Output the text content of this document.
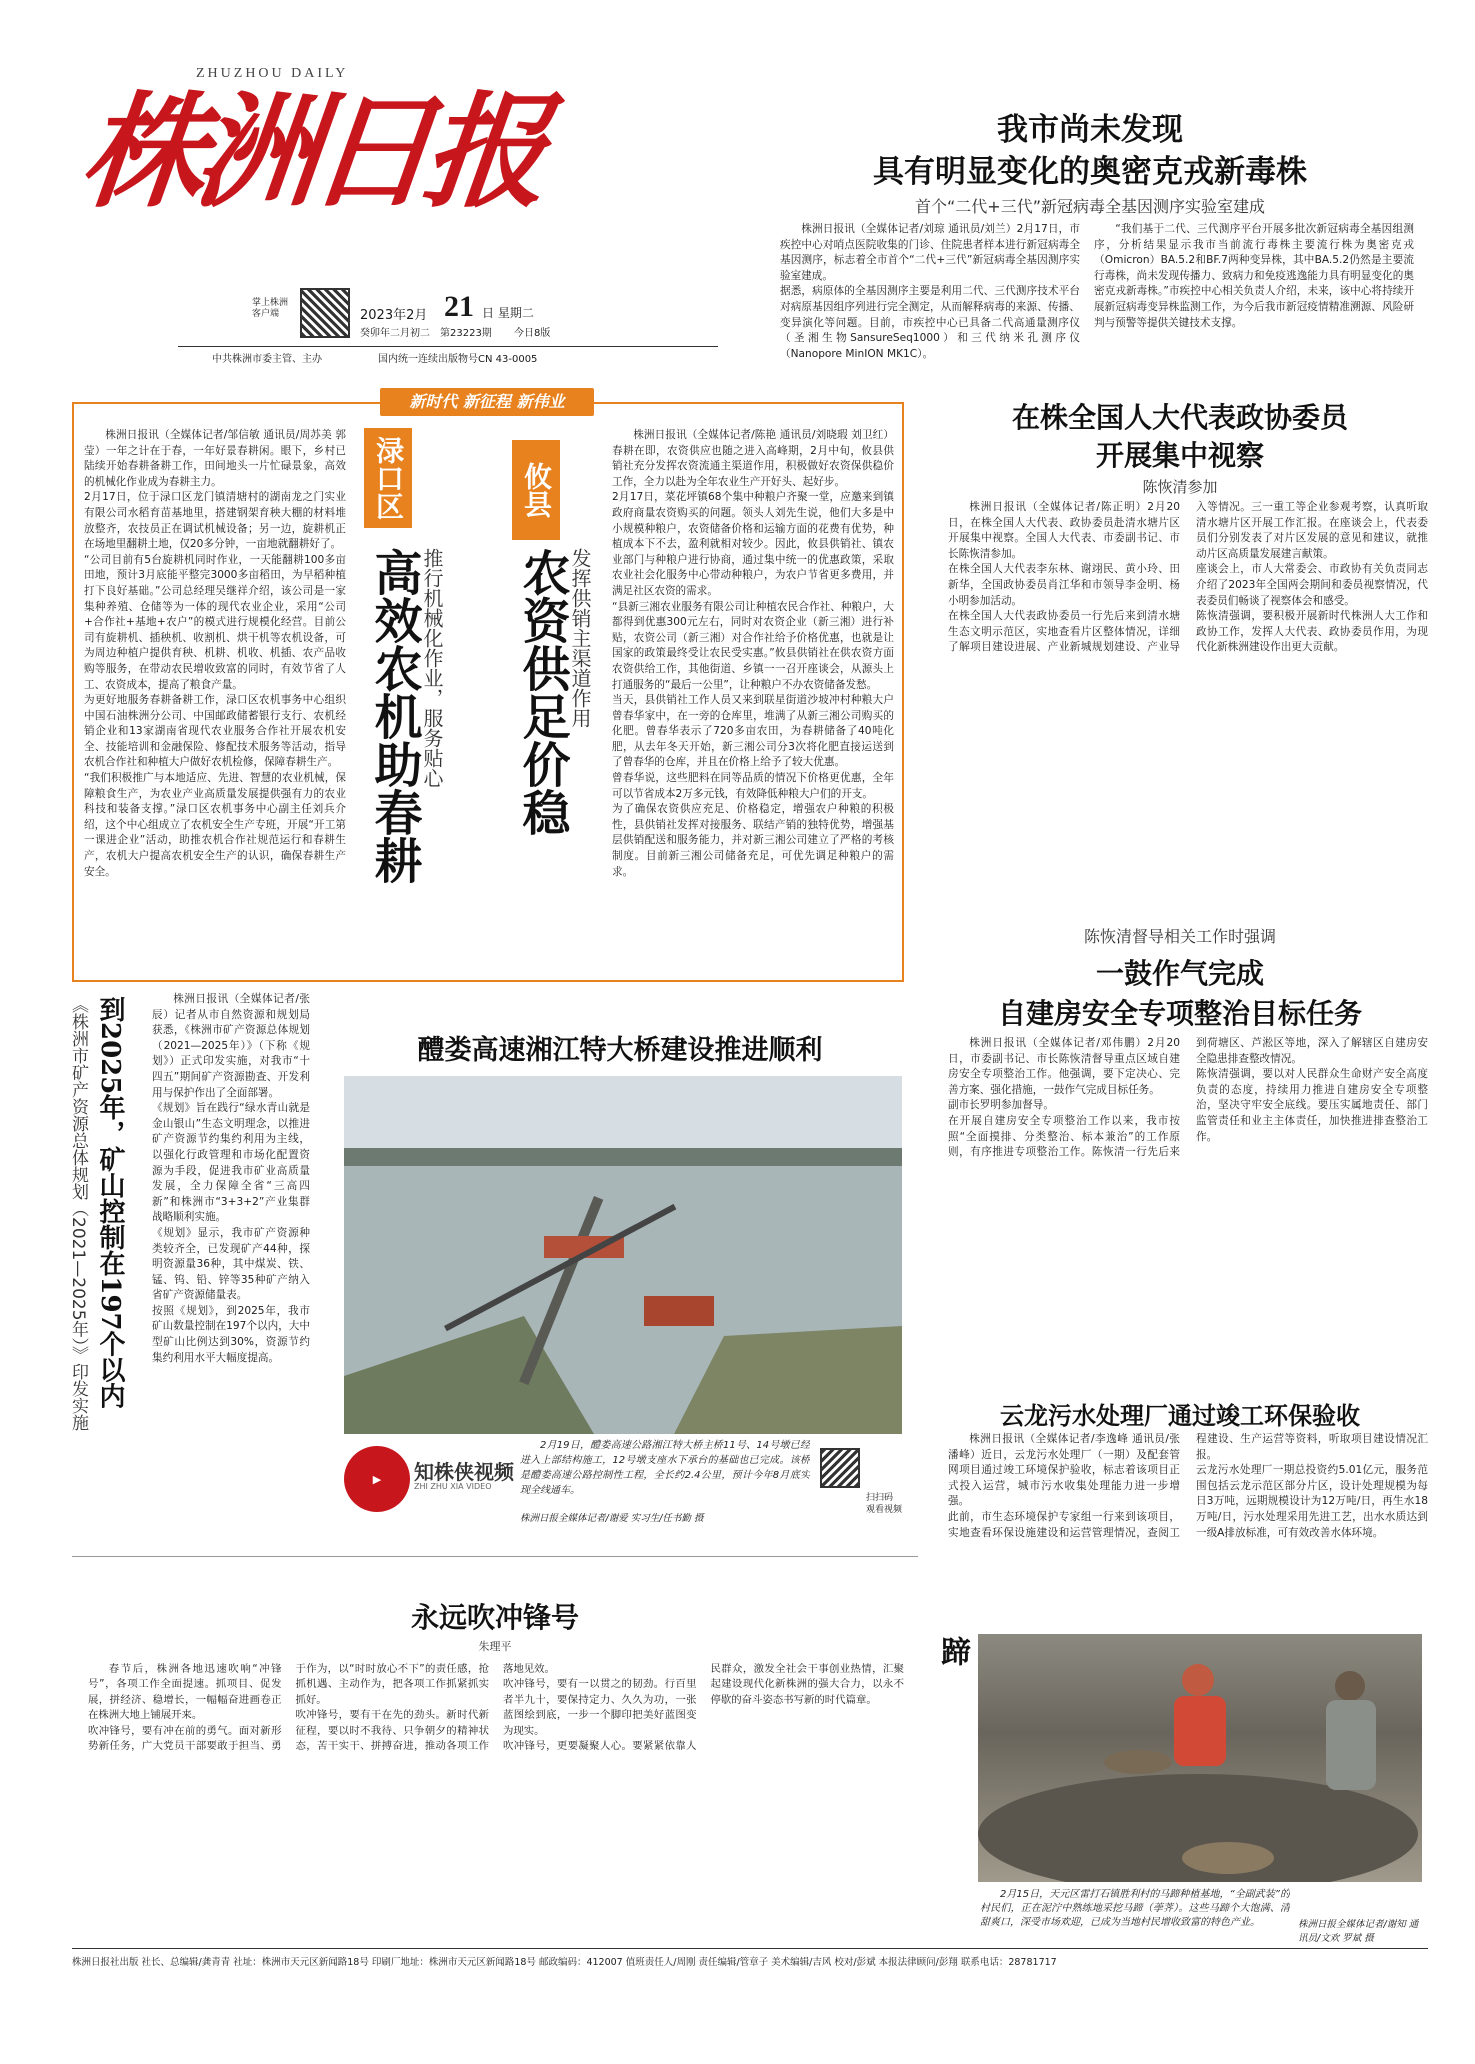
ZHUZHOU DAILY
株洲日报
掌上株洲
客户端	2023年2月 21 日 星期二
癸卯年二月初二 第23223期 今日8版
中共株洲市委主管、主办	国内统一连续出版物号CN 43-0005
我市尚未发现
具有明显变化的奥密克戎新毒株
首个“二代+三代”新冠病毒全基因测序实验室建成
株洲日报讯（全媒体记者/刘琼 通讯员/刘兰）2月17日，市疾控中心对哨点医院收集的门诊、住院患者样本进行新冠病毒全基因测序，标志着全市首个“二代+三代”新冠病毒全基因测序实验室建成。
据悉，病原体的全基因测序主要是利用二代、三代测序技术平台对病原基因组序列进行完全测定，从而解释病毒的来源、传播、变异演化等问题。目前，市疾控中心已具备二代高通量测序仪（圣湘生物SansureSeq1000）和三代纳米孔测序仪（Nanopore MinION MK1C）。
“我们基于二代、三代测序平台开展多批次新冠病毒全基因组测序，分析结果显示我市当前流行毒株主要流行株为奥密克戎（Omicron）BA.5.2和BF.7两种变异株，其中BA.5.2仍然是主要流行毒株，尚未发现传播力、致病力和免疫逃逸能力具有明显变化的奥密克戎新毒株。”市疾控中心相关负责人介绍，未来，该中心将持续开展新冠病毒变异株监测工作，为今后我市新冠疫情精准溯源、风险研判与预警等提供关键技术支撑。
新时代 新征程 新伟业
株洲日报讯（全媒体记者/邹信敏 通讯员/周苏美 郭莹）一年之计在于春，一年好景春耕闲。眼下，乡村已陆续开始春耕备耕工作，田间地头一片忙碌景象，高效的机械化作业成为春耕主力。
2月17日，位于渌口区龙门镇清塘村的湖南龙之门实业有限公司水稻育苗基地里，搭建钢架育秧大棚的材料堆放整齐，农技员正在调试机械设备；另一边，旋耕机正在场地里翻耕土地，仅20多分钟，一亩地就翻耕好了。
“公司目前有5台旋耕机同时作业，一天能翻耕100多亩田地，预计3月底能平整完3000多亩稻田，为早稻种植打下良好基础。”公司总经理吴继祥介绍，该公司是一家集种养殖、仓储等为一体的现代农业企业，采用“公司+合作社+基地+农户”的模式进行规模化经营。目前公司有旋耕机、插秧机、收割机、烘干机等农机设备，可为周边种植户提供育秧、机耕、机收、机插、农产品收购等服务，在带动农民增收致富的同时，有效节省了人工、农资成本，提高了粮食产量。
为更好地服务春耕备耕工作，渌口区农机事务中心组织中国石油株洲分公司、中国邮政储蓄银行支行、农机经销企业和13家湖南省现代农业服务合作社开展农机安全、技能培训和金融保险、修配技术服务等活动，指导农机合作社和种植大户做好农机检修，保障春耕生产。
“我们积极推广与本地适应、先进、智慧的农业机械，保障粮食生产，为农业产业高质量发展提供强有力的农业科技和装备支撑。”渌口区农机事务中心副主任刘兵介绍，这个中心组成立了农机安全生产专班，开展“开工第一课进企业”活动，助推农机合作社规范运行和春耕生产，农机大户提高农机安全生产的认识，确保春耕生产安全。
渌口区
推行机械化作业，服务贴心
高效农机助春耕
攸县
发挥供销主渠道作用
农资供足价稳
株洲日报讯（全媒体记者/陈艳 通讯员/刘晓瑕 刘卫红）春耕在即，农资供应也随之进入高峰期，2月中旬，攸县供销社充分发挥农资流通主渠道作用，积极做好农资保供稳价工作，全力以赴为全年农业生产开好头、起好步。
2月17日，菜花坪镇68个集中种粮户齐聚一堂，应邀来到镇政府商量农资购买的问题。领头人刘先生说，他们大多是中小规模种粮户，农资储备价格和运输方面的花费有优势，种植成本下不去，盈利就相对较少。因此，攸县供销社、镇农业部门与种粮户进行协商，通过集中统一的优惠政策，采取农业社会化服务中心带动种粮户，为农户节省更多费用，并满足社区农资的需求。
“县新三湘农业服务有限公司让种植农民合作社、种粮户，大都得到优惠300元左右，同时对农资企业（新三湘）进行补贴，农资公司（新三湘）对合作社给予价格优惠，也就是让国家的政策最终受让农民受实惠。”攸县供销社在供农资方面农资供给工作，其他街道、乡镇一一召开座谈会，从源头上打通服务的“最后一公里”，让种粮户不办农资储备发愁。
当天，县供销社工作人员又来到联星街道沙坡冲村种粮大户曾春华家中，在一旁的仓库里，堆满了从新三湘公司购买的化肥。曾春华表示了720多亩农田，为春耕储备了40吨化肥，从去年冬天开始，新三湘公司分3次将化肥直接运送到了曾春华的仓库，并且在价格上给予了较大优惠。
曾春华说，这些肥料在同等品质的情况下价格更优惠，全年可以节省成本2万多元钱，有效降低种粮大户们的开支。
为了确保农资供应充足、价格稳定，增强农户种粮的积极性，县供销社发挥对接服务、联结产销的独特优势，增强基层供销配送和服务能力，并对新三湘公司建立了严格的考核制度。目前新三湘公司储备充足，可优先调足种粮户的需求。
在株全国人大代表政协委员
开展集中视察
陈恢清参加
株洲日报讯（全媒体记者/陈正明）2月20日，在株全国人大代表、政协委员赴清水塘片区开展集中视察。全国人大代表、市委副书记、市长陈恢清参加。
在株全国人大代表李东林、谢翊民、黄小玲、田新华，全国政协委员肖江华和市领导李金明、杨小明参加活动。
在株全国人大代表政协委员一行先后来到清水塘生态文明示范区，实地查看片区整体情况，详细了解项目建设进展、产业新城规划建设、产业导入等情况。三一重工等企业参观考察，认真听取清水塘片区开展工作汇报。在座谈会上，代表委员们分别发表了对片区发展的意见和建议，就推动片区高质量发展建言献策。
座谈会上，市人大常委会、市政协有关负责同志介绍了2023年全国两会期间和委员视察情况，代表委员们畅谈了视察体会和感受。
陈恢清强调，要积极开展新时代株洲人大工作和政协工作，发挥人大代表、政协委员作用，为现代化新株洲建设作出更大贡献。
陈恢清督导相关工作时强调
一鼓作气完成
自建房安全专项整治目标任务
株洲日报讯（全媒体记者/邓伟鹏）2月20日，市委副书记、市长陈恢清督导重点区域自建房安全专项整治工作。他强调，要下定决心、完善方案、强化措施，一鼓作气完成目标任务。
副市长罗明参加督导。
在开展自建房安全专项整治工作以来，我市按照“全面摸排、分类整治、标本兼治”的工作原则，有序推进专项整治工作。陈恢清一行先后来到荷塘区、芦淞区等地，深入了解辖区自建房安全隐患排查整改情况。
陈恢清强调，要以对人民群众生命财产安全高度负责的态度，持续用力推进自建房安全专项整治，坚决守牢安全底线。要压实属地责任、部门监管责任和业主主体责任，加快推进排查整治工作。
株洲日报讯（全媒体记者/张辰）记者从市自然资源和规划局获悉，《株洲市矿产资源总体规划（2021—2025年）》（下称《规划》）正式印发实施，对我市“十四五”期间矿产资源勘查、开发利用与保护作出了全面部署。
《规划》旨在践行“绿水青山就是金山银山”生态文明理念，以推进矿产资源节约集约利用为主线，以强化行政管理和市场化配置资源为手段，促进我市矿业高质量发展，全力保障全省“三高四新”和株洲市“3+3+2”产业集群战略顺利实施。
《规划》显示，我市矿产资源种类较齐全，已发现矿产44种，探明资源量36种，其中煤炭、铁、锰、钨、铅、锌等35种矿产纳入省矿产资源储量表。
按照《规划》，到2025年，我市矿山数量控制在197个以内，大中型矿山比例达到30%，资源节约集约利用水平大幅度提高。
到2025年，矿山控制在197个以内
《株洲市矿产资源总体规划（2021—2025年）》印发实施	醴娄高速湘江特大桥建设推进顺利
▶	知株侠视频
ZHI ZHU XIA VIDEO
2月19日，醴娄高速公路湘江特大桥主桥11号、14号墩已经进入上部结构施工，12号墩支座水下承台的基础也已完成。该桥是醴娄高速公路控制性工程，全长约2.4公里，预计今年8月底实现全线通车。
株洲日报全媒体记者/谢爱 实习生/任书勤 摄
扫扫码
观看视频
云龙污水处理厂通过竣工环保验收
株洲日报讯（全媒体记者/李逸峰 通讯员/张潘峰）近日，云龙污水处理厂（一期）及配套管网项目通过竣工环境保护验收，标志着该项目正式投入运营，城市污水收集处理能力进一步增强。
此前，市生态环境保护专家组一行来到该项目，实地查看环保设施建设和运营管理情况，查阅工程建设、生产运营等资料，听取项目建设情况汇报。
云龙污水处理厂一期总投资约5.01亿元，服务范围包括云龙示范区部分片区，设计处理规模为每日3万吨，远期规模设计为12万吨/日，再生水18万吨/日，污水处理采用先进工艺，出水水质达到一级A排放标准，可有效改善水体环境。
永远吹冲锋号
朱理平
春节后，株洲各地迅速吹响“冲锋号”，各项工作全面提速。抓项目、促发展，拼经济、稳增长，一幅幅奋进画卷正在株洲大地上铺展开来。
吹冲锋号，要有冲在前的勇气。面对新形势新任务，广大党员干部要敢于担当、勇于作为，以“时时放心不下”的责任感，抢抓机遇、主动作为，把各项工作抓紧抓实抓好。
吹冲锋号，要有干在先的劲头。新时代新征程，要以时不我待、只争朝夕的精神状态，苦干实干、拼搏奋进，推动各项工作落地见效。
吹冲锋号，要有一以贯之的韧劲。行百里者半九十，要保持定力、久久为功，一张蓝图绘到底，一步一个脚印把美好蓝图变为现实。
吹冲锋号，更要凝聚人心。要紧紧依靠人民群众，激发全社会干事创业热情，汇聚起建设现代化新株洲的强大合力，以永不停歇的奋斗姿态书写新的时代篇章。
蹄
2月15日，天元区雷打石镇胜利村的马蹄种植基地，“全副武装”的村民们，正在泥泞中熟练地采挖马蹄（荸荠）。这些马蹄个大饱满、清甜爽口，深受市场欢迎，已成为当地村民增收致富的特色产业。	株洲日报全媒体记者/谢知 通讯员/文欢 罗斌 摄
株洲日报社出版 社长、总编辑/龚青青 社址：株洲市天元区新闻路18号 印刷厂地址：株洲市天元区新闻路18号 邮政编码：412007 值班责任人/周刚 责任编辑/管章子 美术编辑/吉风 校对/彭斌 本报法律顾问/彭翔 联系电话：28781717
